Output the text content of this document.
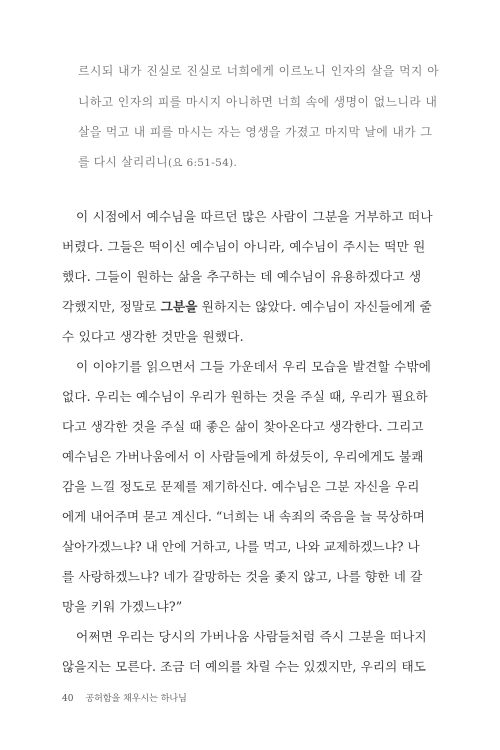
르시되 내가 진실로 진실로 너희에게 이르노니 인자의 살을 먹지 아
니하고 인자의 피를 마시지 아니하면 너희 속에 생명이 없느니라 내
살을 먹고 내 피를 마시는 자는 영생을 가졌고 마지막 날에 내가 그
를 다시 살리리니(요 6:51-54).
이 시점에서 예수님을 따르던 많은 사람이 그분을 거부하고 떠나
버렸다. 그들은 떡이신 예수님이 아니라, 예수님이 주시는 떡만 원
했다. 그들이 원하는 삶을 추구하는 데 예수님이 유용하겠다고 생
각했지만, 정말로 그분을 원하지는 않았다. 예수님이 자신들에게 줄
수 있다고 생각한 것만을 원했다.
이 이야기를 읽으면서 그들 가운데서 우리 모습을 발견할 수밖에
없다. 우리는 예수님이 우리가 원하는 것을 주실 때, 우리가 필요하
다고 생각한 것을 주실 때 좋은 삶이 찾아온다고 생각한다. 그리고
예수님은 가버나움에서 이 사람들에게 하셨듯이, 우리에게도 불쾌
감을 느낄 정도로 문제를 제기하신다. 예수님은 그분 자신을 우리
에게 내어주며 묻고 계신다. “너희는 내 속죄의 죽음을 늘 묵상하며
살아가겠느냐? 내 안에 거하고, 나를 먹고, 나와 교제하겠느냐? 나
를 사랑하겠느냐? 네가 갈망하는 것을 좇지 않고, 나를 향한 네 갈
망을 키워 가겠느냐?”
어쩌면 우리는 당시의 가버나움 사람들처럼 즉시 그분을 떠나지
않을지는 모른다. 조금 더 예의를 차릴 수는 있겠지만, 우리의 태도
40 공허함을 채우시는 하나님
